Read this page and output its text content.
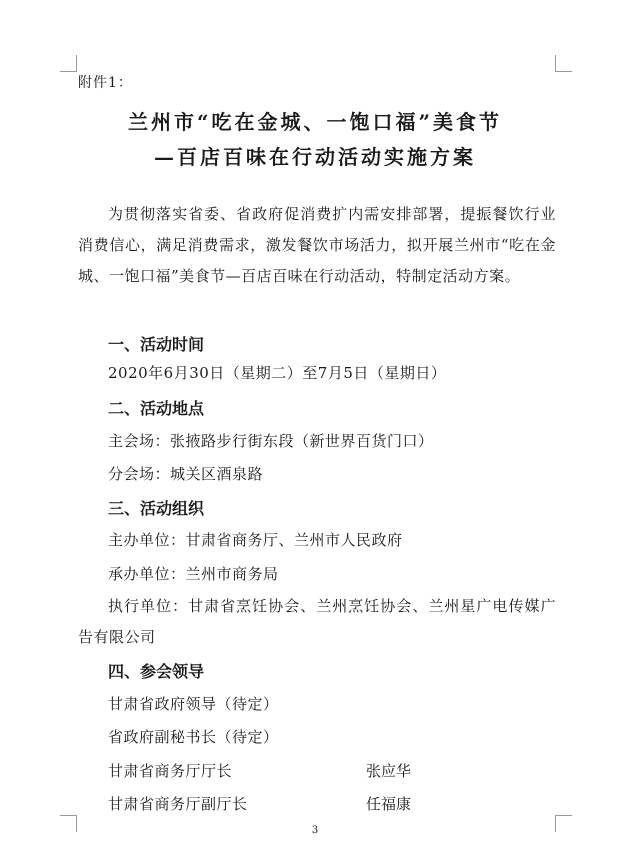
附件1：
兰州市“吃在金城、一饱口福”美食节
—百店百味在行动活动实施方案
为贯彻落实省委、省政府促消费扩内需安排部署，提振餐饮行业消费信心，满足消费需求，激发餐饮市场活力，拟开展兰州市“吃在金城、一饱口福”美食节—百店百味在行动活动，特制定活动方案。
一、活动时间
2020年6月30日（星期二）至7月5日（星期日）
二、活动地点
主会场：张掖路步行街东段（新世界百货门口）
分会场：城关区酒泉路
三、活动组织
主办单位：甘肃省商务厅、兰州市人民政府
承办单位：兰州市商务局
执行单位：甘肃省烹饪协会、兰州烹饪协会、兰州星广电传媒广告有限公司
四、参会领导
甘肃省政府领导（待定）
省政府副秘书长（待定）
甘肃省商务厅厅长	张应华
甘肃省商务厅副厅长	任福康
3
